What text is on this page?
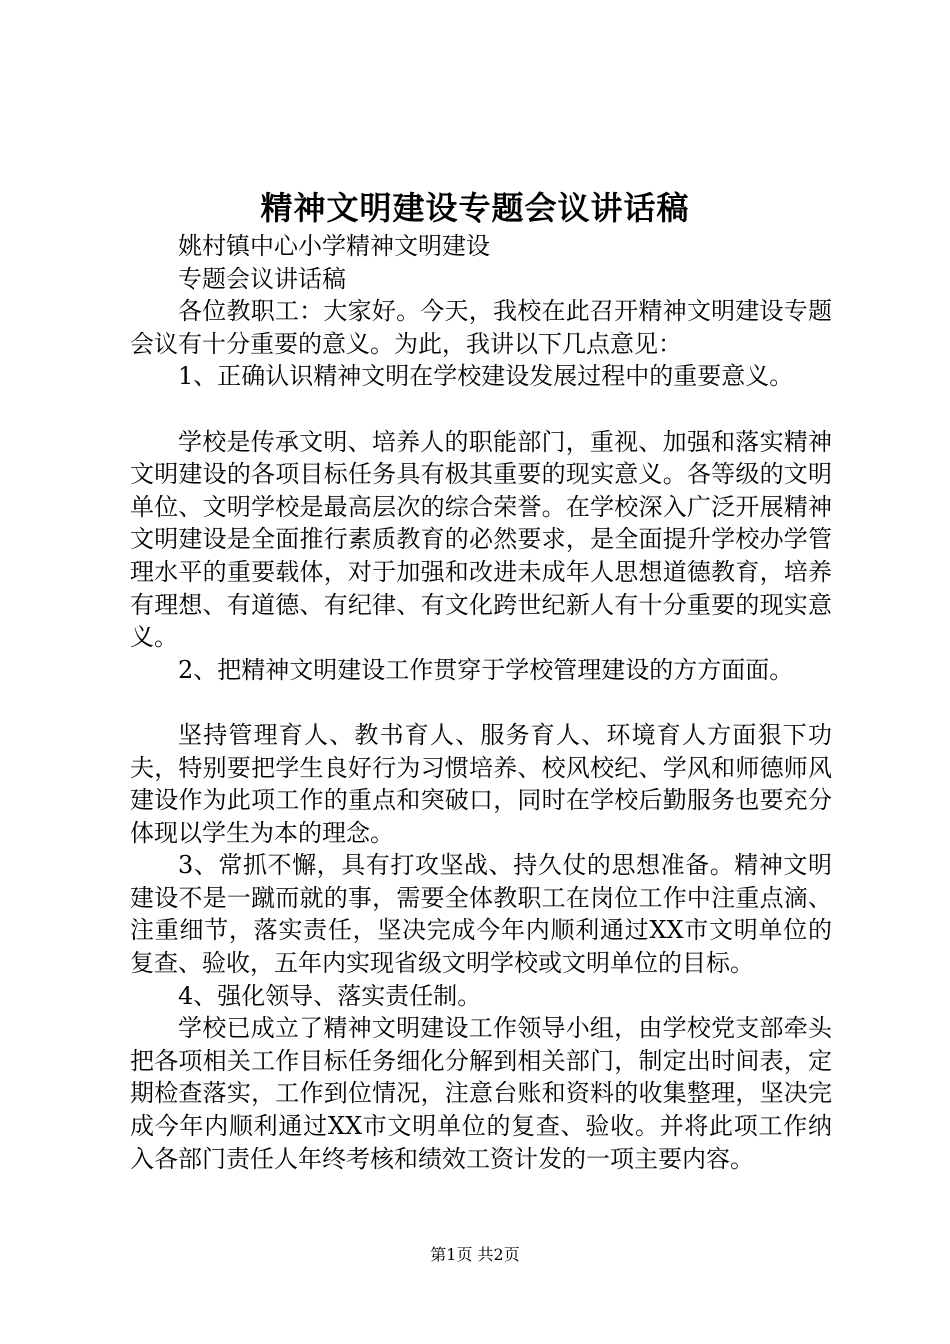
精神文明建设专题会议讲话稿

姚村镇中心小学精神文明建设

专题会议讲话稿

各位教职工：大家好。今天，我校在此召开精神文明建设专题会议有十分重要的意义。为此，我讲以下几点意见：

1、正确认识精神文明在学校建设发展过程中的重要意义。

学校是传承文明、培养人的职能部门，重视、加强和落实精神文明建设的各项目标任务具有极其重要的现实意义。各等级的文明单位、文明学校是最高层次的综合荣誉。在学校深入广泛开展精神文明建设是全面推行素质教育的必然要求，是全面提升学校办学管理水平的重要载体，对于加强和改进未成年人思想道德教育，培养有理想、有道德、有纪律、有文化跨世纪新人有十分重要的现实意义。

2、把精神文明建设工作贯穿于学校管理建设的方方面面。

坚持管理育人、教书育人、服务育人、环境育人方面狠下功夫，特别要把学生良好行为习惯培养、校风校纪、学风和师德师风建设作为此项工作的重点和突破口，同时在学校后勤服务也要充分体现以学生为本的理念。

3、常抓不懈，具有打攻坚战、持久仗的思想准备。精神文明建设不是一蹴而就的事，需要全体教职工在岗位工作中注重点滴、注重细节，落实责任，坚决完成今年内顺利通过XX市文明单位的复查、验收，五年内实现省级文明学校或文明单位的目标。

4、强化领导、落实责任制。

学校已成立了精神文明建设工作领导小组，由学校党支部牵头把各项相关工作目标任务细化分解到相关部门，制定出时间表，定期检查落实，工作到位情况，注意台账和资料的收集整理，坚决完成今年内顺利通过XX市文明单位的复查、验收。并将此项工作纳入各部门责任人年终考核和绩效工资计发的一项主要内容。

第1页 共2页
